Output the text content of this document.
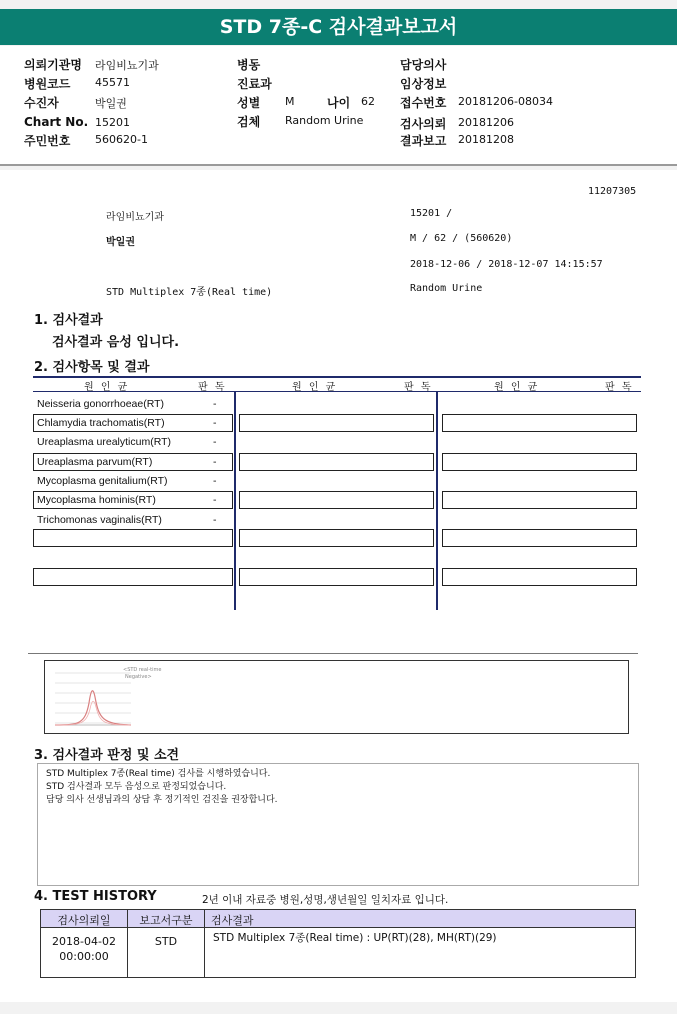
STD 7종-C 검사결과보고서
의뢰기관명 라임비뇨기과
병원코드 45571
수진자	박일권
Chart No. 15201
주민번호 560620-1
병동
진료과
성별 M	나이 62
검체 Random Urine
담당의사
임상정보
접수번호 20181206-08034
검사의뢰 20181206
결과보고 20181208
11207305
라임비뇨기과	15201 /
박일권	M / 62 / (560620)
2018-12-06 / 2018-12-07 14:15:57
STD Multiplex 7종(Real time)	Random Urine
1. 검사결과
검사결과 음성 입니다.
2. 검사항목 및 결과
원 인 균	판 독	원 인 균	판 독	원 인 균	판 독
Neisseria gonorrhoeae(RT)	-
Chlamydia trachomatis(RT)	-
Ureaplasma urealyticum(RT)	-
Ureaplasma parvum(RT)	-
Mycoplasma genitalium(RT)	-
Mycoplasma hominis(RT)	-
Trichomonas vaginalis(RT)	-
<STD real-time
Negative>
3. 검사결과 판정 및 소견
STD Multiplex 7종(Real time) 검사를 시행하였습니다.
STD 검사결과 모두 음성으로 판정되었습니다.
담당 의사 선생님과의 상담 후 정기적인 검진을 권장합니다.
4. TEST HISTORY	2년 이내 자료중 병원,성명,생년월일 일치자료 입니다.
검사의뢰일	보고서구분	검사결과
2018-04-02
00:00:00
STD	STD Multiplex 7종(Real time) : UP(RT)(28), MH(RT)(29)
